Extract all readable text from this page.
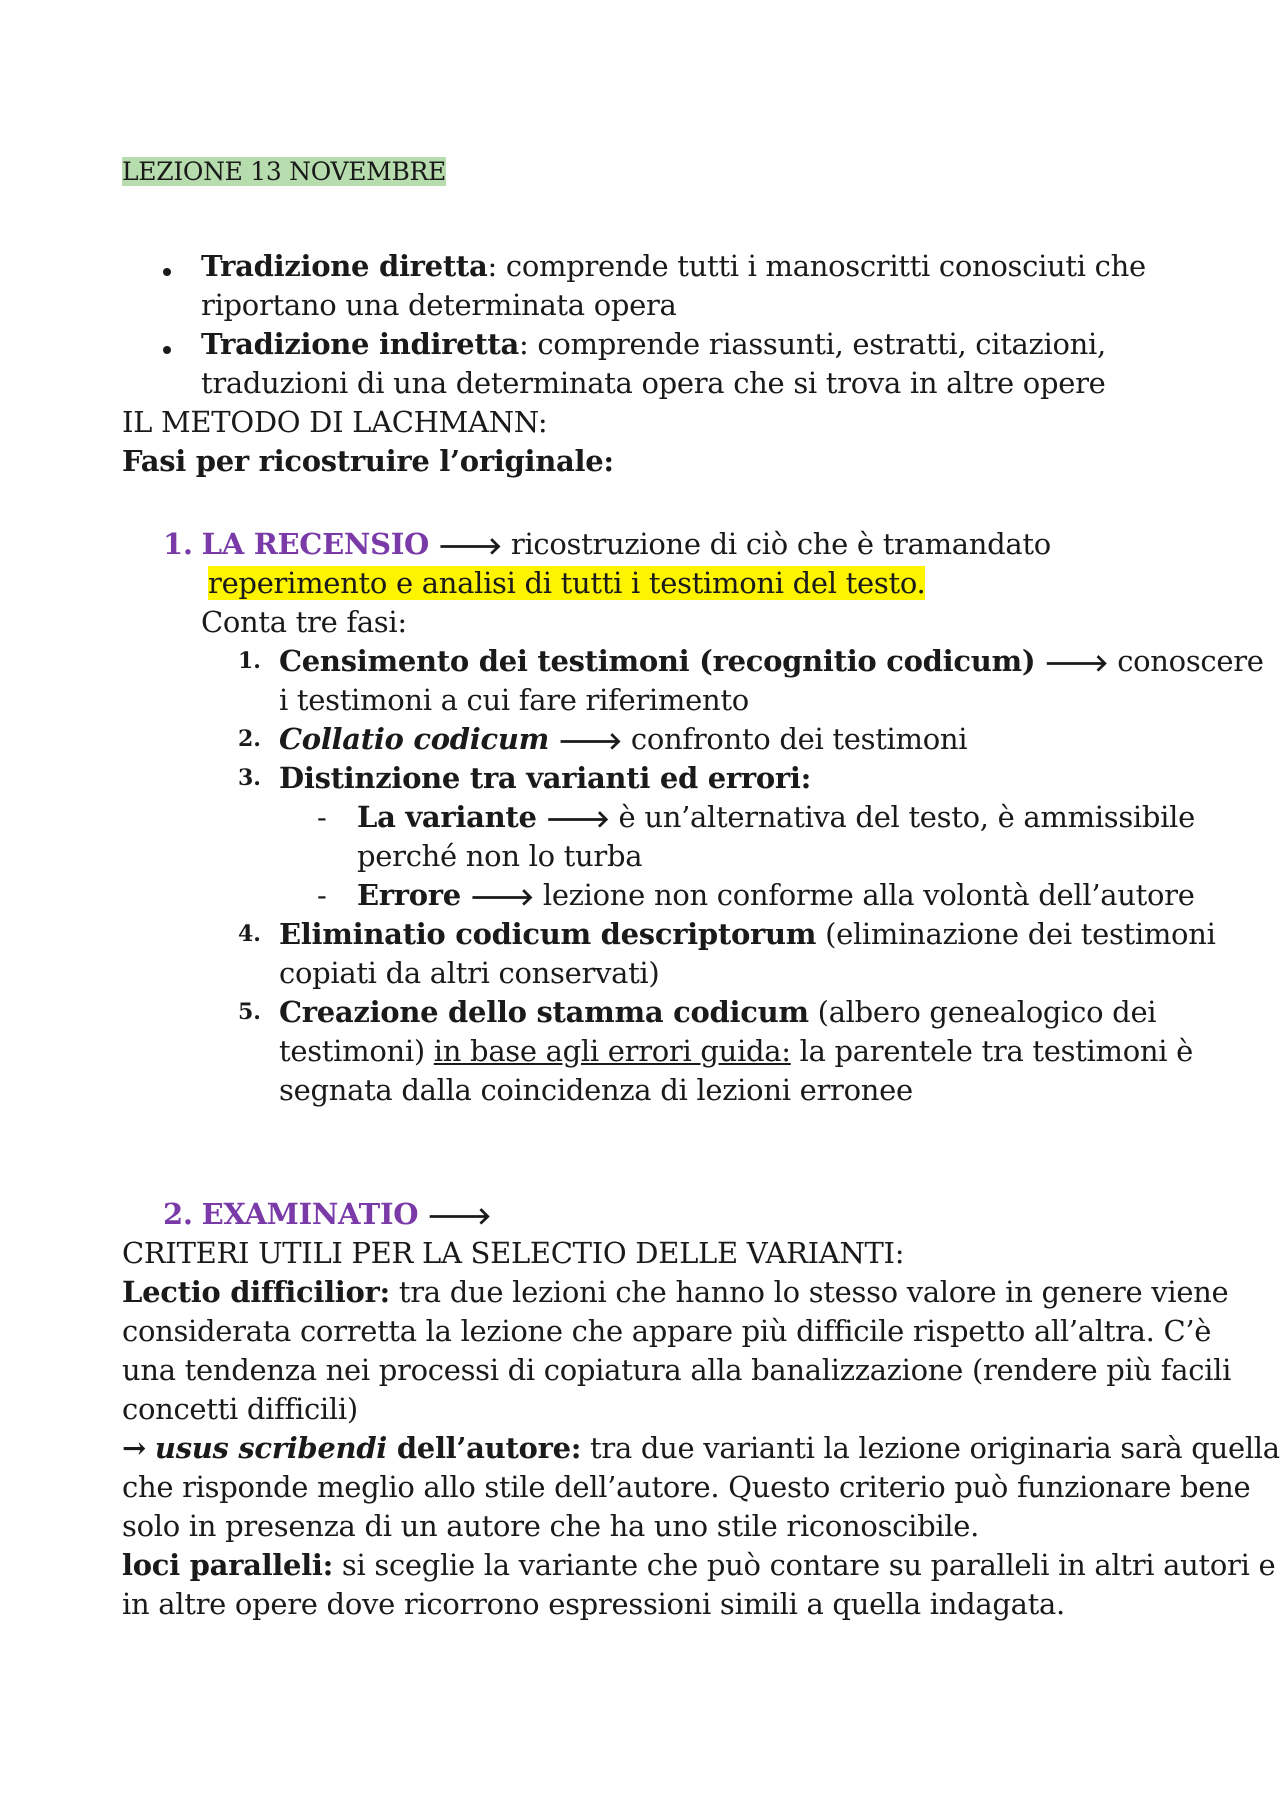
LEZIONE 13 NOVEMBRE
Tradizione diretta: comprende tutti i manoscritti conosciuti che
riportano una determinata opera
Tradizione indiretta: comprende riassunti, estratti, citazioni,
traduzioni di una determinata opera che si trova in altre opere
IL METODO DI LACHMANN:
Fasi per ricostruire l’originale:
1. LA RECENSIO 🡒 ricostruzione di ciò che è tramandato
reperimento e analisi di tutti i testimoni del testo.
Conta tre fasi:
1. Censimento dei testimoni (recognitio codicum) 🡒 conoscere
i testimoni a cui fare riferimento
2. Collatio codicum 🡒 confronto dei testimoni
3. Distinzione tra varianti ed errori:
- La variante 🡒 è un’alternativa del testo, è ammissibile
perché non lo turba
- Errore 🡒 lezione non conforme alla volontà dell’autore
4. Eliminatio codicum descriptorum (eliminazione dei testimoni
copiati da altri conservati)
5. Creazione dello stamma codicum (albero genealogico dei
testimoni) in base agli errori guida: la parentele tra testimoni è
segnata dalla coincidenza di lezioni erronee
2. EXAMINATIO 🡒
CRITERI UTILI PER LA SELECTIO DELLE VARIANTI:
Lectio difficilior: tra due lezioni che hanno lo stesso valore in genere viene
considerata corretta la lezione che appare più difficile rispetto all’altra. C’è
una tendenza nei processi di copiatura alla banalizzazione (rendere più facili
concetti difficili)
→ usus scribendi dell’autore: tra due varianti la lezione originaria sarà quella
che risponde meglio allo stile dell’autore. Questo criterio può funzionare bene
solo in presenza di un autore che ha uno stile riconoscibile.
loci paralleli: si sceglie la variante che può contare su paralleli in altri autori e
in altre opere dove ricorrono espressioni simili a quella indagata.
